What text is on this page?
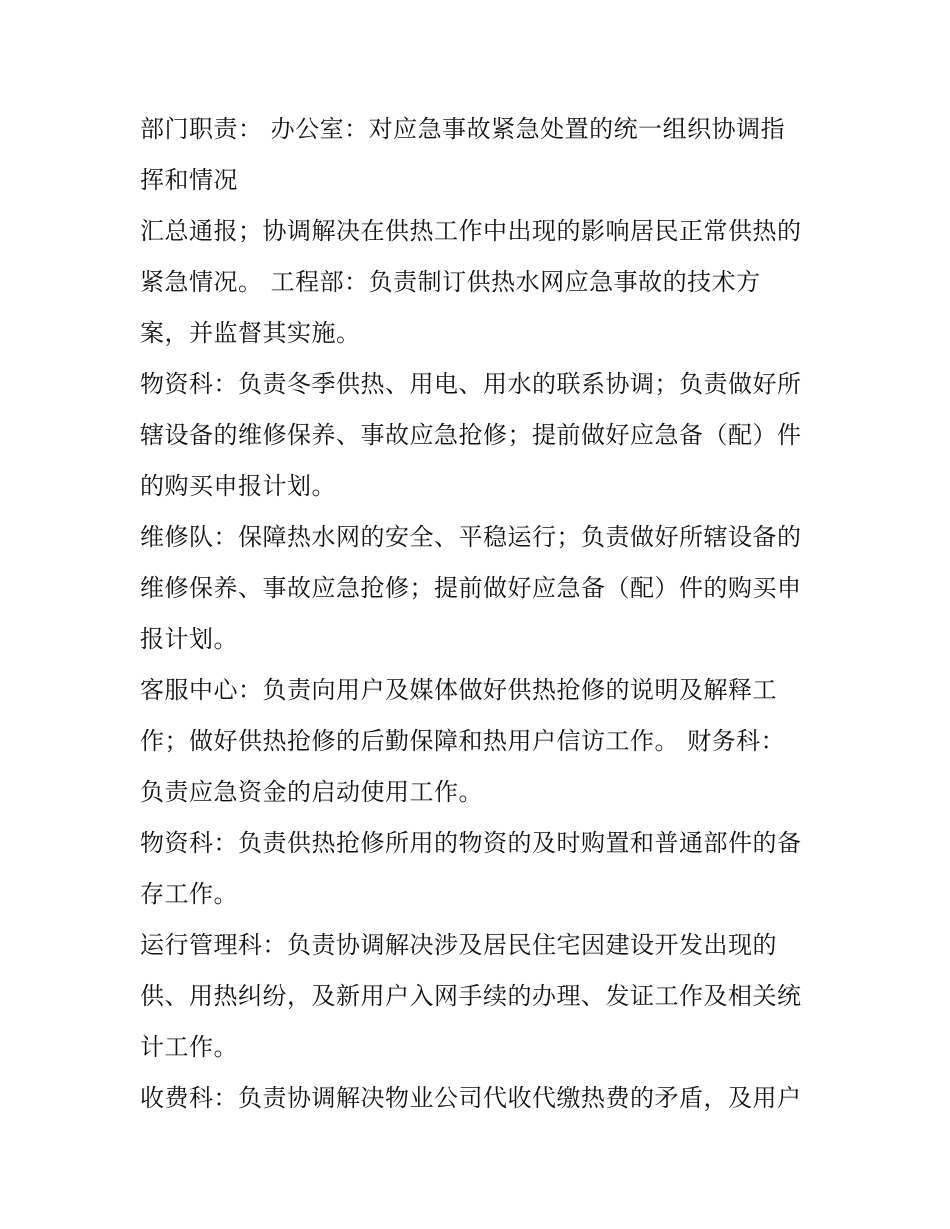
部门职责： 办公室：对应急事故紧急处置的统一组织协调指
挥和情况
汇总通报；协调解决在供热工作中出现的影响居民正常供热的
紧急情况。 工程部：负责制订供热水网应急事故的技术方
案，并监督其实施。
物资科：负责冬季供热、用电、用水的联系协调；负责做好所
辖设备的维修保养、事故应急抢修；提前做好应急备（配）件
的购买申报计划。
维修队：保障热水网的安全、平稳运行；负责做好所辖设备的
维修保养、事故应急抢修；提前做好应急备（配）件的购买申
报计划。
客服中心：负责向用户及媒体做好供热抢修的说明及解释工
作；做好供热抢修的后勤保障和热用户信访工作。 财务科：
负责应急资金的启动使用工作。
物资科：负责供热抢修所用的物资的及时购置和普通部件的备
存工作。
运行管理科：负责协调解决涉及居民住宅因建设开发出现的
供、用热纠纷，及新用户入网手续的办理、发证工作及相关统
计工作。
收费科：负责协调解决物业公司代收代缴热费的矛盾，及用户
